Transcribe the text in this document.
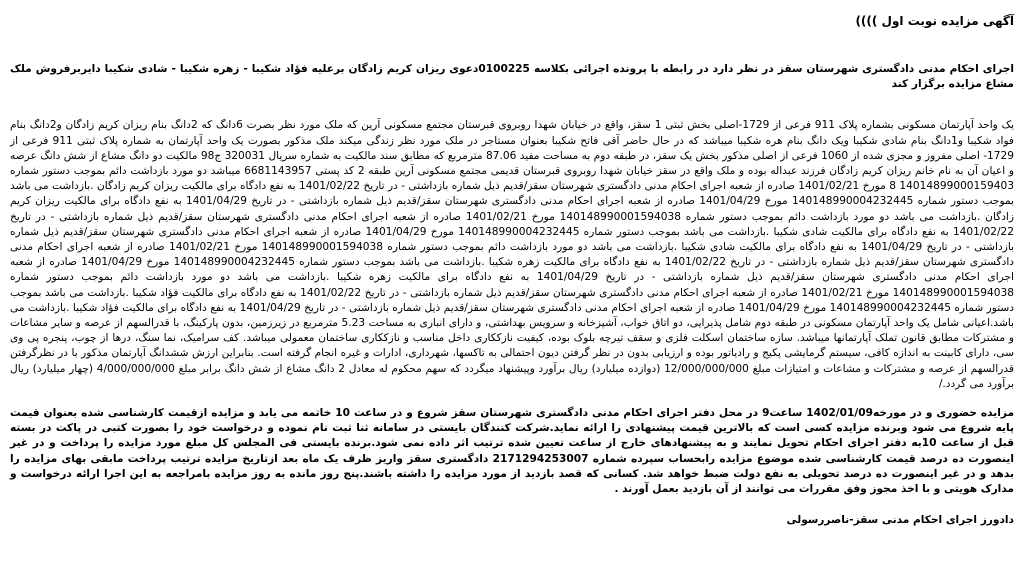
آگهی مزایده نوبت اول ))))

اجرای احکام مدنی دادگستری شهرستان سقز در نظر دارد در رابطه با پرونده اجرائی بکلاسه 0100225دعوی ریزان کریم زادگان برعلیه فؤاد شکیبا - زهره شکیبا - شادی شکیبا دایربرفروش ملک مشاع مزایده برگزار کند

یک واحد آپارتمان مسکونی بشماره پلاک 911 فرعی از 1729-اصلی بخش ثبتی 1 سقز، واقع در خیابان شهدا روبروی قبرستان مجتمع مسکونی آرین که ملک مورد نظر بصرت 6دانگ که 2دانگ بنام ریزان کریم زادگان و2دانگ بنام فواد شکیبا و1دانگ بنام شادی شکیبا ویک دانگ بنام هره شکیبا میباشد که در حال حاضر آقی فاتح شکیبا بعنوان مستاجر در ملک مورد نظر زندگی میکند ملک مذکور بصورت یک واحد آپارتمان به شماره پلاک ثبتی 911 فرعی از 1729- اصلی مفروز و مجزی شده از 1060 فرعی از اصلی مذکور بخش یک سقز، در طبقه دوم به مساحت مفید 87.06 مترمربع که مطابق سند مالکیت به شماره سریال 320031 ج98 مالکیت دو دانگ مشاع از شش دانگ عرصه و اعیان آن به نام خانم ریزان کریم زادگان فرزند عبداله بوده و ملک واقع در سقز خیابان شهدا روبروی قبرستان قدیمی مجتمع مسکونی آرین طبقه 2 کد پستی 6681143957 میباشد دو مورد بازداشت دائم بموجب دستور شماره 14014899000159403 8 مورخ 1401/02/21 صادره از شعبه اجرای احکام مدنی دادگستری شهرستان سقز/قدیم ذیل شماره بازداشتی - در تاریخ 1401/02/22 به نفع دادگاه برای مالکیت ریزان کریم زادگان .بازداشت می باشد بموجب دستور شماره 140148990004232445 مورخ 1401/04/29 صادره از شعبه اجرای احکام مدنی دادگستری شهرستان سقز/قدیم ذیل شماره بازداشتی - در تاریخ 1401/04/29 به نفع دادگاه برای مالکیت ریزان کریم زادگان .بازداشت می باشد دو مورد بازداشت دائم بموجب دستور شماره 140148990001594038 مورخ 1401/02/21 صادره از شعبه اجرای احکام مدنی دادگستری شهرستان سقز/قدیم ذیل شماره بازداشتی - در تاریخ 1401/02/22 به نفع دادگاه برای مالکیت شادی شکیبا .بازداشت می باشد بموجب دستور شماره 140148990004232445 مورخ 1401/04/29 صادره از شعبه اجرای احکام مدنی دادگستری شهرستان سقز/قدیم ذیل شماره بازداشتی - در تاریخ 1401/04/29 به نفع دادگاه برای مالکیت شادی شکیبا .بازداشت می باشد دو مورد بازداشت دائم بموجب دستور شماره 140148990001594038 مورخ 1401/02/21 صادره از شعبه اجرای احکام مدنی دادگستری شهرستان سقز/قدیم ذیل شماره بازداشتی - در تاریخ 1401/02/22 به نفع دادگاه برای مالکیت زهره شکیبا .بازداشت می باشد بموجب دستور شماره 140148990004232445 مورخ 1401/04/29 صادره از شعبه اجرای احکام مدنی دادگستری شهرستان سقز/قدیم ذیل شماره بازداشتی - در تاریخ 1401/04/29 به نفع دادگاه برای مالکیت زهره شکیبا .بازداشت می باشد دو مورد بازداشت دائم بموجب دستور شماره 140148990001594038 مورخ 1401/02/21 صادره از شعبه اجرای احکام مدنی دادگستری شهرستان سقز/قدیم ذیل شماره بازداشتی - در تاریخ 1401/02/22 به نفع دادگاه برای مالکیت فؤاد شکیبا .بازداشت می باشد بموجب دستور شماره 140148990004232445 مورخ 1401/04/29 صادره از شعبه اجرای احکام مدنی دادگستری شهرستان سقز/قدیم ذیل شماره بازداشتی - در تاریخ 1401/04/29 به نفع دادگاه برای مالکیت فؤاد شکیبا .بازداشت می باشد.اعیانی شامل یک واحد آپارتمان مسکونی در طبقه دوم شامل پذیرایی، دو اتاق خواب، آشپزخانه و سرویس بهداشتی، و دارای انباری به مساحت 5.23 مترمربع در زیرزمین، بدون پارکینگ، با قدرالسهم از عرصه و سایر مشاعات و مشترکات مطابق قانون تملک آپارتمانها میباشد. سازه ساختمان اسکلت فلزی و سقف تیرچه بلوک بوده، کیفیت نازککاری داخل مناسب و نازککاری ساختمان معمولی میباشد. کف سرامیک، نما سنگ، درها از چوب، پنجره پی وی سی، دارای کابینت به اندازه کافی، سیستم گرمایشی پکیج و رادیاتور بوده و ارزیابی بدون در نظر گرفتن دیون احتمالی به تاکسها، شهرداری، ادارات و غیره انجام گرفته است. بنابراین ارزش ششدانگ آپارتمان مذکور با در نظرگرفتن قدرالسهم از عرصه و مشترکات و مشاعات و امتیازات مبلغ 12/000/000/000 (دوازده میلیارد) ریال برآورد وپیشنهاد میگردد که سهم محکوم له معادل 2 دانگ مشاع از شش دانگ برابر مبلغ 4/000/000/000 (چهار میلیارد) ریال برآورد می گردد./

مزایده حضوری و در مورخه1402/01/09 ساعت9 در محل دفتر اجرای احکام مدنی دادگستری شهرستان سقز شروع و در ساعت 10 خاتمه می یابد و مزایده ازقیمت کارشناسی شده بعنوان قیمت پایه شروع می شود وبرنده مزایده کسی است که بالاترین قیمت پیشنهادی را ارائه نماید.شرکت کنندگان بایستی در سامانه ثنا ثبت نام نموده و درخواست خود را بصورت کتبی در پاکت در بسته قبل از ساعت 10به دفتر اجرای احکام تحویل نمایند و به پیشنهادهای خارج از ساعت تعیین شده ترتیب اثر داده نمی شود.برنده بایستی فی المجلس کل مبلغ مورد مزایده را پرداخت و در غیر اینصورت ده درصد قیمت کارشناسی شده موضوع مزایده رابحساب سپرده شماره 2171294253007 دادگستری سقز واریز ظرف یک ماه بعد ازتاریخ مزایده ترتیب پرداخت مابقی بهای مزایده را بدهد و در غیر اینصورت ده درصد تحویلی به نفع دولت ضبط خواهد شد. کسانی که قصد بازدید از مورد مزایده را داشته باشند.پنج روز مانده به روز مزایده بامراجعه به این اجرا ارائه درخواست و مدارک هویتی و با اخذ مجوز وفق مقررات می توانند از آن بازدید بعمل آورند .

دادورز اجرای احکام مدنی سقز-ناصررسولی
